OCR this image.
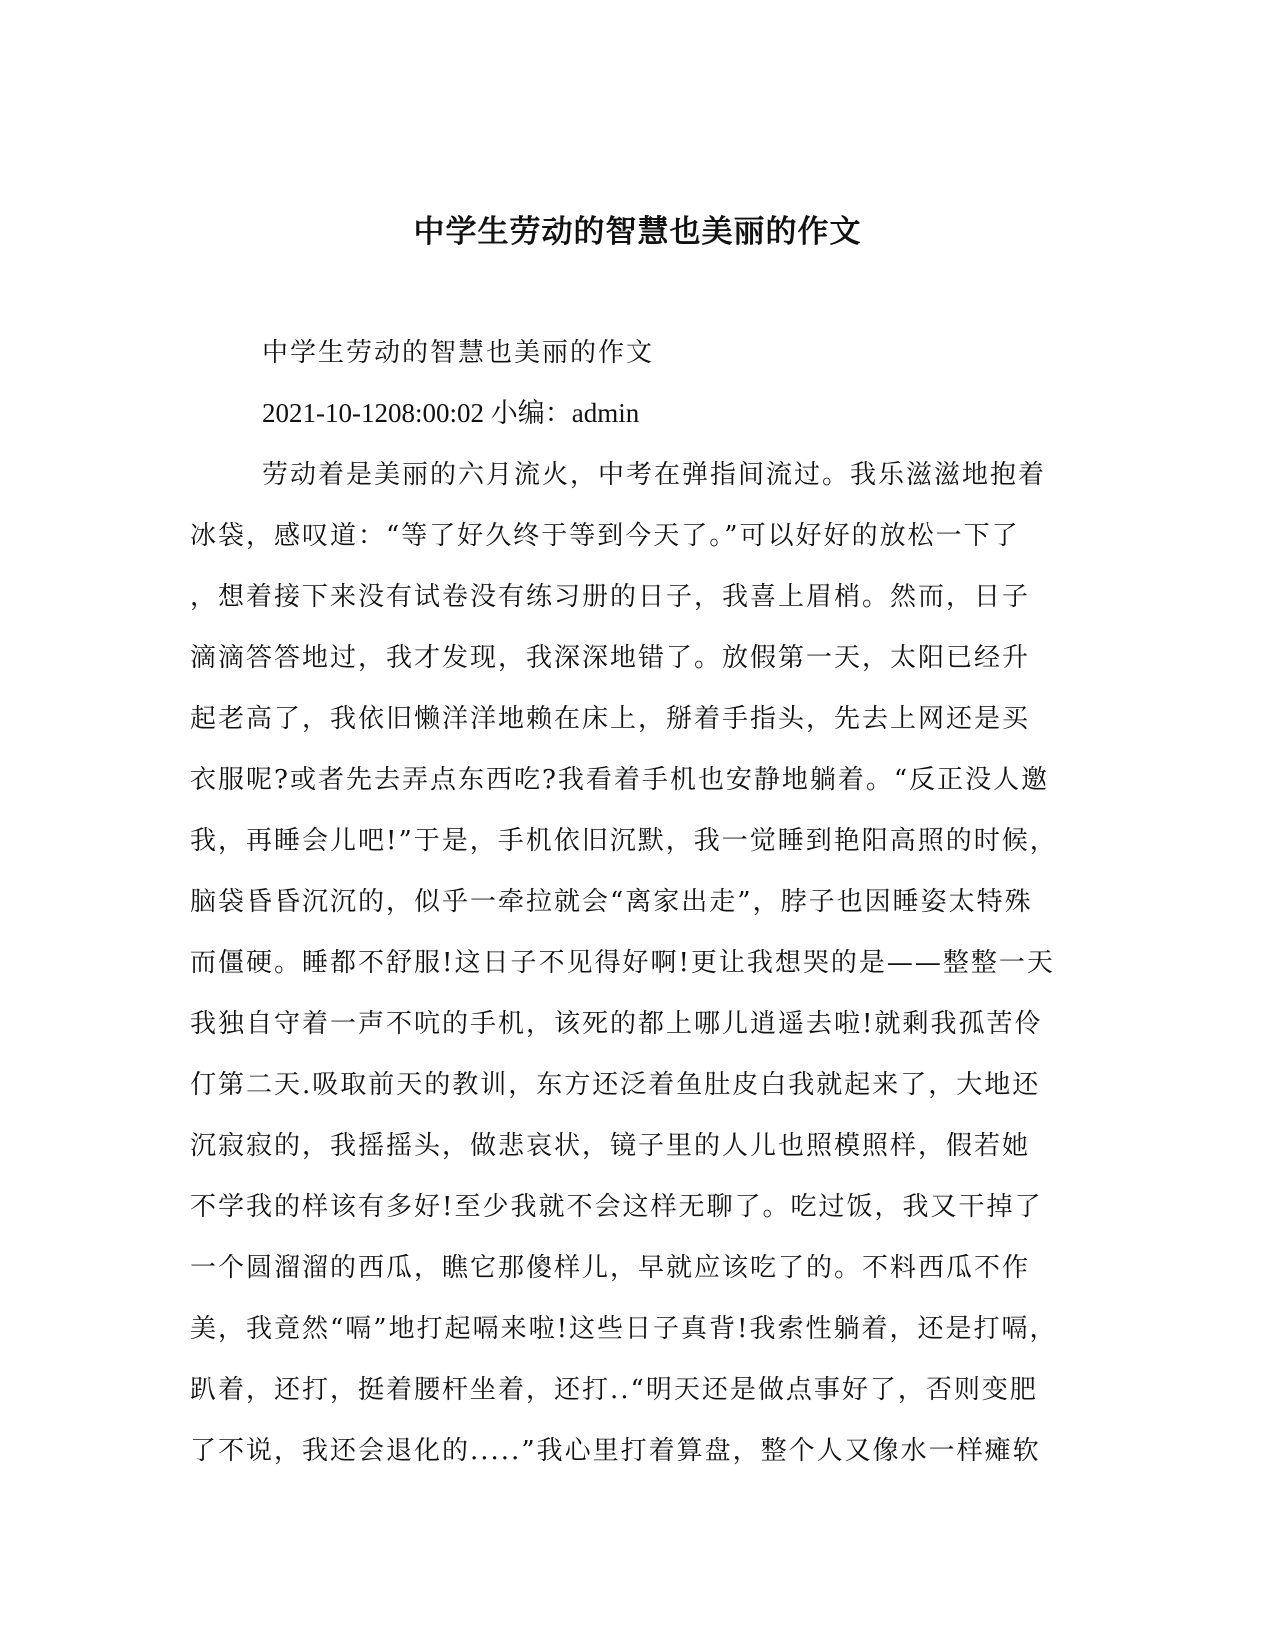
中学生劳动的智慧也美丽的作文

中学生劳动的智慧也美丽的作文

2021-10-1208:00:02 小编：admin

劳动着是美丽的六月流火，中考在弹指间流过。我乐滋滋地抱着
冰袋，感叹道：“等了好久终于等到今天了。”可以好好的放松一下了
，想着接下来没有试卷没有练习册的日子，我喜上眉梢。然而，日子
滴滴答答地过，我才发现，我深深地错了。放假第一天，太阳已经升
起老高了，我依旧懒洋洋地赖在床上，掰着手指头，先去上网还是买
衣服呢?或者先去弄点东西吃?我看着手机也安静地躺着。“反正没人邀
我，再睡会儿吧!”于是，手机依旧沉默，我一觉睡到艳阳高照的时候，
脑袋昏昏沉沉的，似乎一牵拉就会“离家出走”，脖子也因睡姿太特殊
而僵硬。睡都不舒服!这日子不见得好啊!更让我想哭的是——整整一天
我独自守着一声不吭的手机，该死的都上哪儿逍遥去啦!就剩我孤苦伶
仃第二天.吸取前天的教训，东方还泛着鱼肚皮白我就起来了，大地还
沉寂寂的，我摇摇头，做悲哀状，镜子里的人儿也照模照样，假若她
不学我的样该有多好!至少我就不会这样无聊了。吃过饭，我又干掉了
一个圆溜溜的西瓜，瞧它那傻样儿，早就应该吃了的。不料西瓜不作
美，我竟然“嗝”地打起嗝来啦!这些日子真背!我索性躺着，还是打嗝，
趴着，还打，挺着腰杆坐着，还打..“明天还是做点事好了，否则变肥
了不说，我还会退化的.....”我心里打着算盘，整个人又像水一样瘫软
